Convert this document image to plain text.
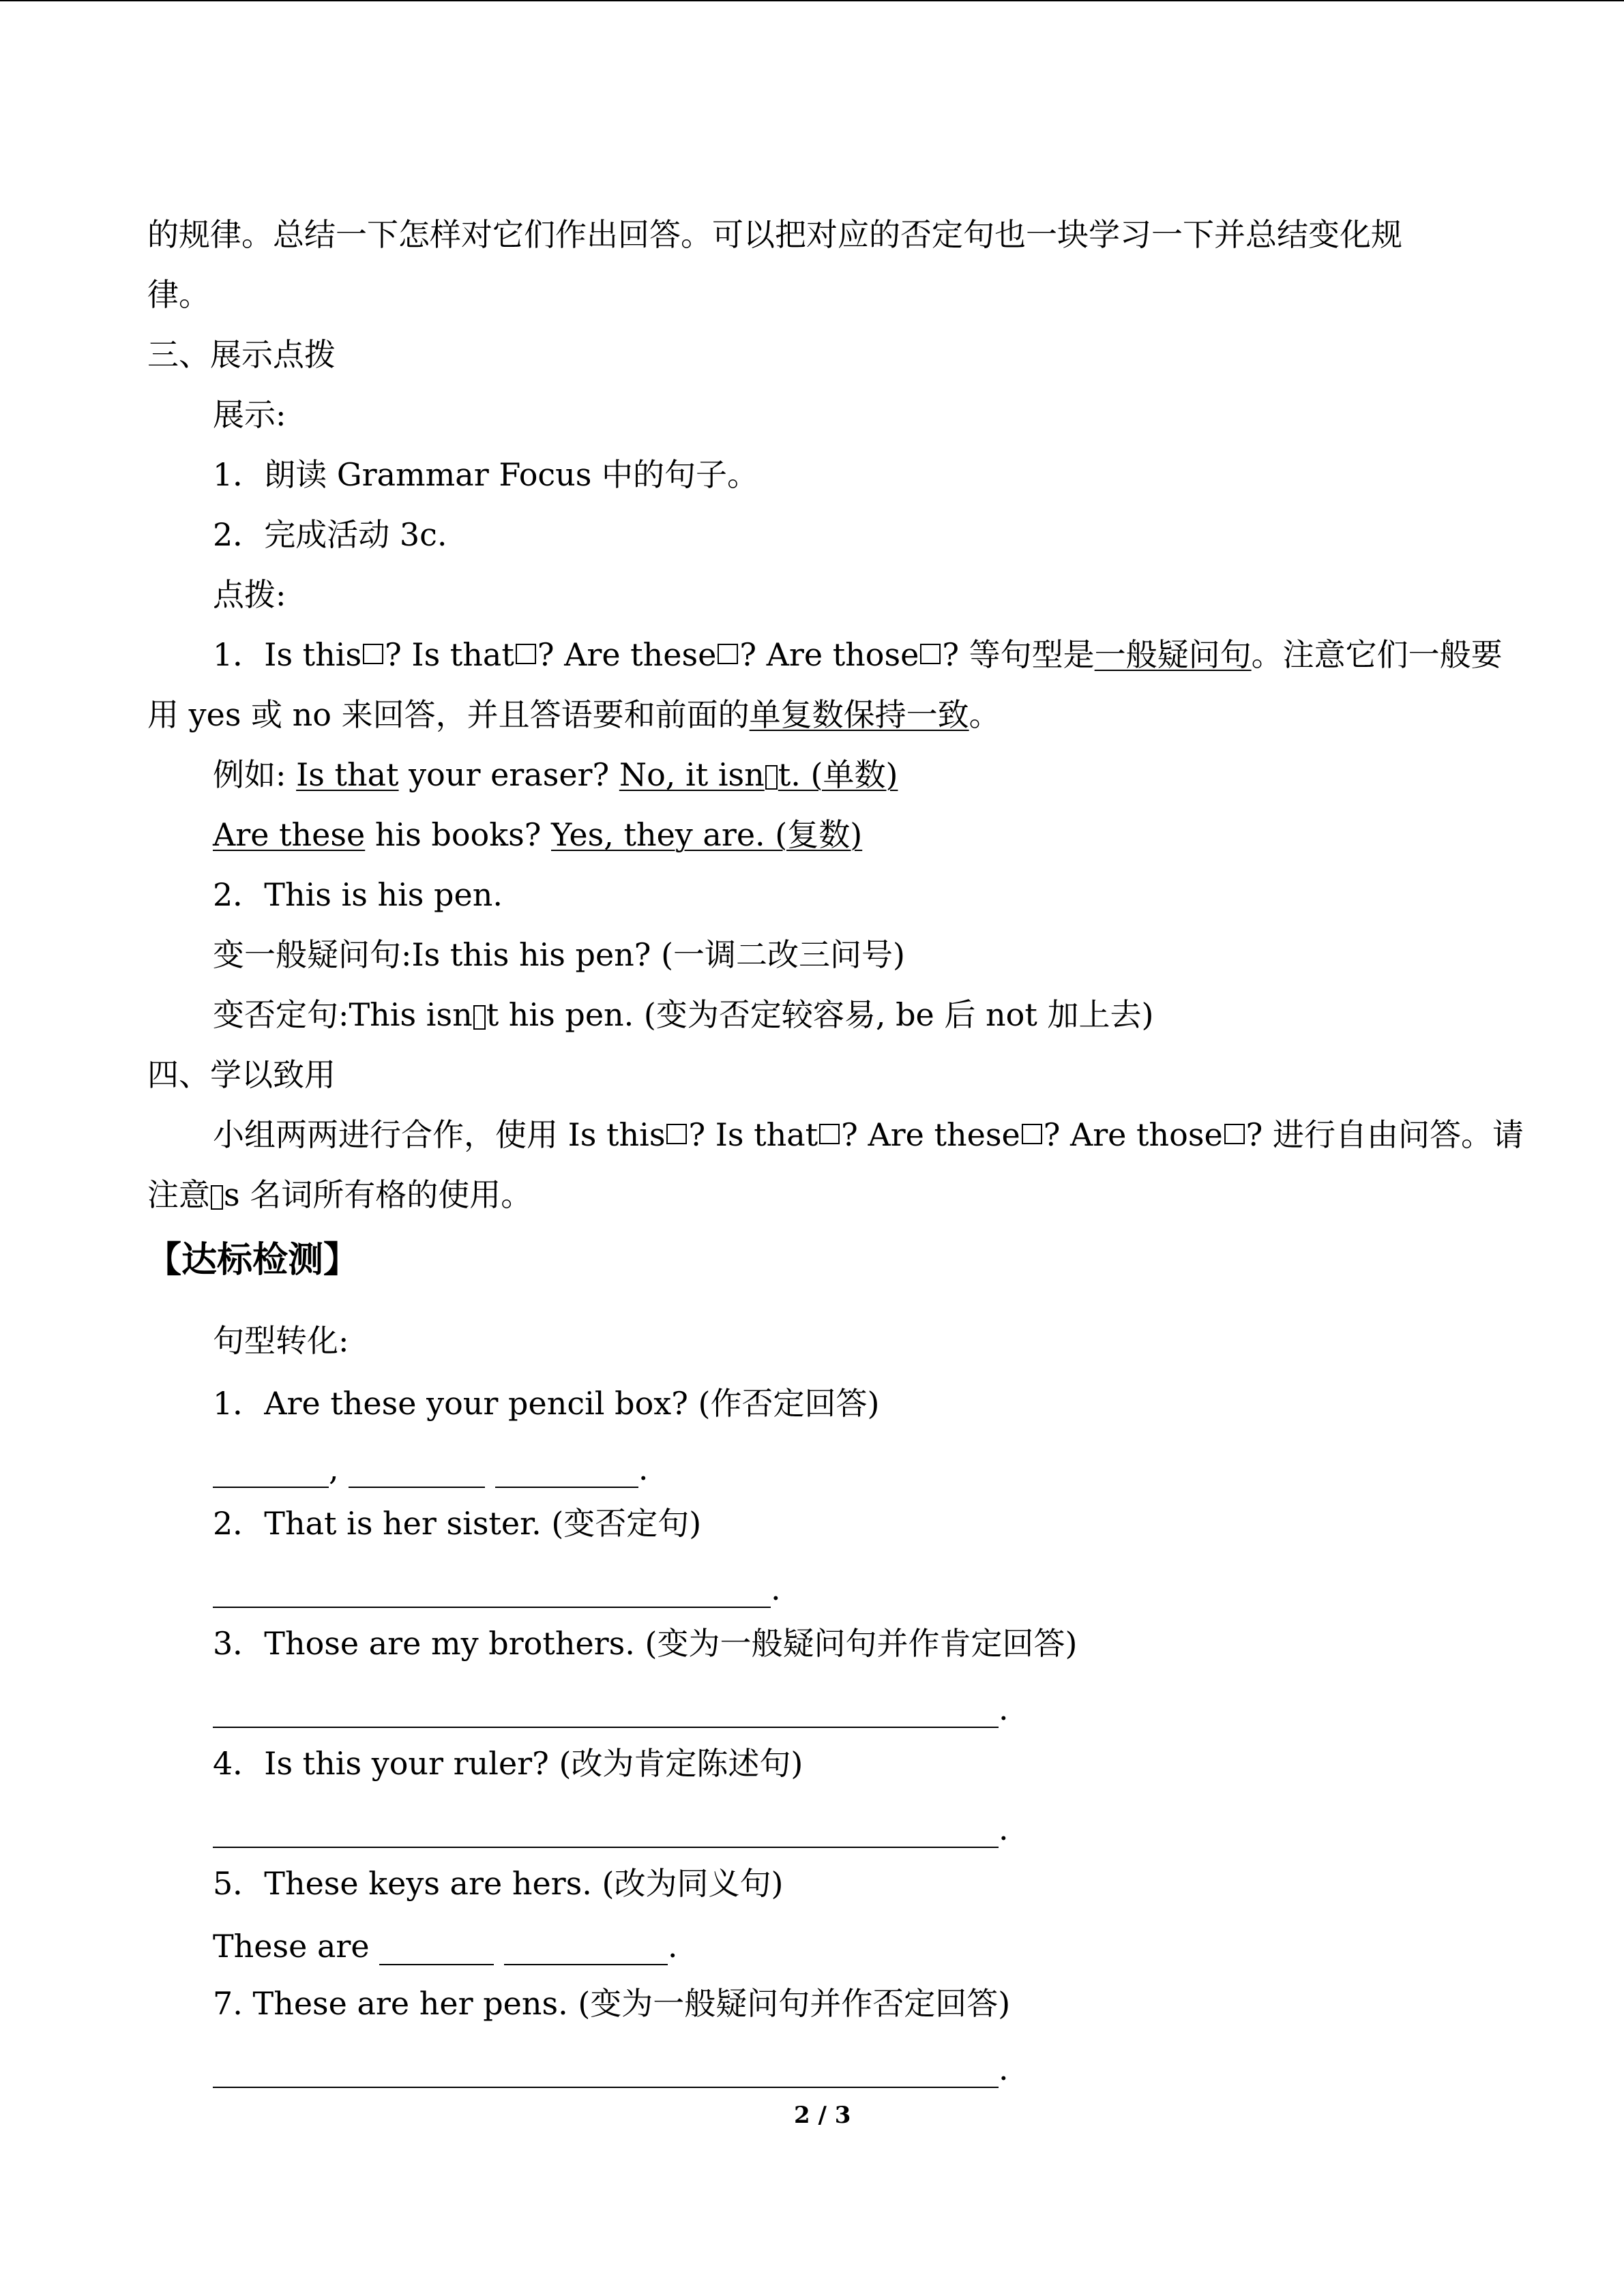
的规律。总结一下怎样对它们作出回答。可以把对应的否定句也一块学习一下并总结变化规
律。
三、展示点拨
展示:
1．朗读 Grammar Focus 中的句子。
2．完成活动 3c.
点拨:
1．Is this ? Is that ? Are these ? Are those ? 等句型是一般疑问句。注意它们一般要
用 yes 或 no 来回答，并且答语要和前面的单复数保持一致。
例如: Is that your eraser? No, it isn t. (单数)
Are these his books? Yes, they are. (复数)
2．This is his pen.
变一般疑问句:Is this his pen? (一调二改三问号)
变否定句:This isn t his pen. (变为否定较容易, be 后 not 加上去)
四、学以致用
小组两两进行合作，使用 Is this ? Is that ? Are these ? Are those ? 进行自由问答。请
注意 s 名词所有格的使用。
【达标检测】
句型转化:
1．Are these your pencil box? (作否定回答)
,	.
2．That is her sister. (变否定句)
.
3．Those are my brothers. (变为一般疑问句并作肯定回答)
.
4．Is this your ruler? (改为肯定陈述句)
.
5．These keys are hers. (改为同义句)
These are	.
7. These are her pens. (变为一般疑问句并作否定回答)
.
2 / 3
